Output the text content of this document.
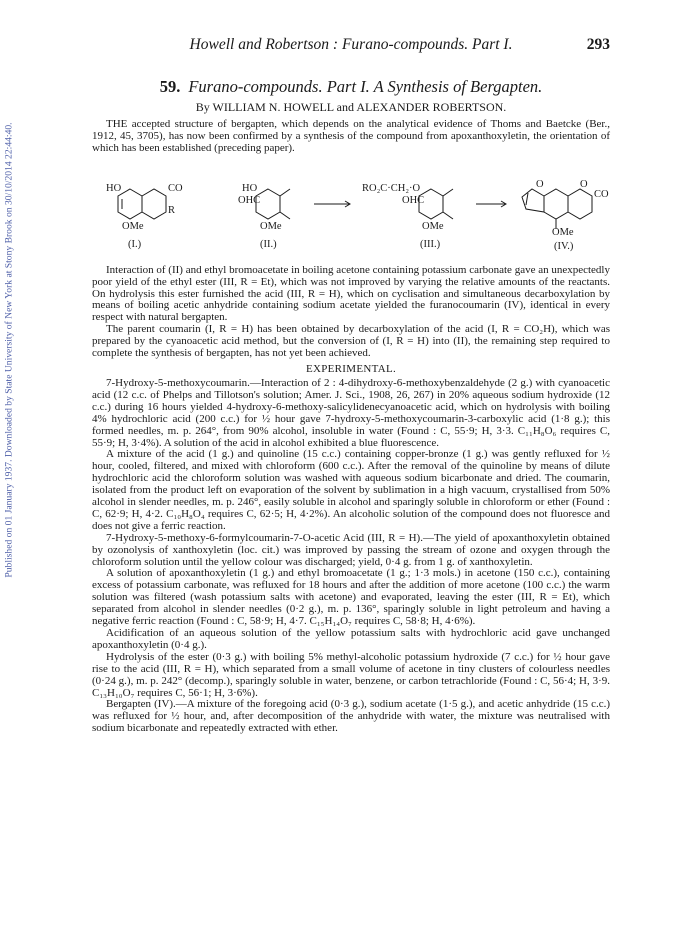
Published on 01 January 1937. Downloaded by State University of New York at Stony Brook on 30/10/2014 22:44:40.
Howell and Robertson : Furano-compounds. Part I.	293
59. Furano-compounds. Part I. A Synthesis of Bergapten.
By WILLIAM N. HOWELL and ALEXANDER ROBERTSON.

THE accepted structure of bergapten, which depends on the analytical evidence of Thoms and Baetcke (Ber., 1912, 45, 3705), has now been confirmed by a synthesis of the compound from apoxanthoxyletin, the orientation of which has been established (preceding paper).

HO	CO
R
OMe
(I.)
HO
OHC
OMe
(II.)
RO₂C·CH₂·O
OHC
OMe
(III.)
O	O
CO
OMe
(IV.)

Interaction of (II) and ethyl bromoacetate in boiling acetone containing potassium carbonate gave an unexpectedly poor yield of the ethyl ester (III, R = Et), which was not improved by varying the relative amounts of the reactants. On hydrolysis this ester furnished the acid (III, R = H), which on cyclisation and simultaneous decarboxylation by means of boiling acetic anhydride containing sodium acetate yielded the furanocoumarin (IV), identical in every respect with natural bergapten.

The parent coumarin (I, R = H) has been obtained by decarboxylation of the acid (I, R = CO₂H), which was prepared by the cyanoacetic acid method, but the conversion of (I, R = H) into (II), the remaining step required to complete the synthesis of bergapten, has not yet been achieved.

EXPERIMENTAL.

7-Hydroxy-5-methoxycoumarin.—Interaction of 2 : 4-dihydroxy-6-methoxybenzaldehyde (2 g.) with cyanoacetic acid (12 c.c. of Phelps and Tillotson's solution; Amer. J. Sci., 1908, 26, 267) in 20% aqueous sodium hydroxide (12 c.c.) during 16 hours yielded 4-hydroxy-6-methoxy-salicylidenecyanoacetic acid, which on hydrolysis with boiling 4% hydrochloric acid (200 c.c.) for ½ hour gave 7-hydroxy-5-methoxycoumarin-3-carboxylic acid (1·8 g.); this formed needles, m. p. 264°, from 90% alcohol, insoluble in water (Found : C, 55·9; H, 3·3. C₁₁H₈O₆ requires C, 55·9; H, 3·4%). A solution of the acid in alcohol exhibited a blue fluorescence.

A mixture of the acid (1 g.) and quinoline (15 c.c.) containing copper-bronze (1 g.) was gently refluxed for ½ hour, cooled, filtered, and mixed with chloroform (600 c.c.). After the removal of the quinoline by means of dilute hydrochloric acid the chloroform solution was washed with aqueous sodium bicarbonate and dried. The coumarin, isolated from the product left on evaporation of the solvent by sublimation in a high vacuum, crystallised from 50% alcohol in slender needles, m. p. 246°, easily soluble in alcohol and sparingly soluble in chloroform or ether (Found : C, 62·9; H, 4·2. C₁₀H₈O₄ requires C, 62·5; H, 4·2%). An alcoholic solution of the compound does not fluoresce and does not give a ferric reaction.

7-Hydroxy-5-methoxy-6-formylcoumarin-7-O-acetic Acid (III, R = H).—The yield of apoxanthoxyletin obtained by ozonolysis of xanthoxyletin (loc. cit.) was improved by passing the stream of ozone and oxygen through the chloroform solution until the yellow colour was discharged; yield, 0·4 g. from 1 g. of xanthoxyletin.

A solution of apoxanthoxyletin (1 g.) and ethyl bromoacetate (1 g.; 1·3 mols.) in acetone (150 c.c.), containing excess of potassium carbonate, was refluxed for 18 hours and after the addition of more acetone (100 c.c.) the warm solution was filtered (wash potassium salts with acetone) and evaporated, leaving the ester (III, R = Et), which separated from alcohol in slender needles (0·2 g.), m. p. 136°, sparingly soluble in light petroleum and having a negative ferric reaction (Found : C, 58·9; H, 4·7. C₁₅H₁₄O₇ requires C, 58·8; H, 4·6%).

Acidification of an aqueous solution of the yellow potassium salts with hydrochloric acid gave unchanged apoxanthoxyletin (0·4 g.).

Hydrolysis of the ester (0·3 g.) with boiling 5% methyl-alcoholic potassium hydroxide (7 c.c.) for ½ hour gave rise to the acid (III, R = H), which separated from a small volume of acetone in tiny clusters of colourless needles (0·24 g.), m. p. 242° (decomp.), sparingly soluble in water, benzene, or carbon tetrachloride (Found : C, 56·4; H, 3·9. C₁₃H₁₀O₇ requires C, 56·1; H, 3·6%).

Bergapten (IV).—A mixture of the foregoing acid (0·3 g.), sodium acetate (1·5 g.), and acetic anhydride (15 c.c.) was refluxed for ½ hour, and, after decomposition of the anhydride with water, the mixture was neutralised with sodium bicarbonate and repeatedly extracted with ether.
